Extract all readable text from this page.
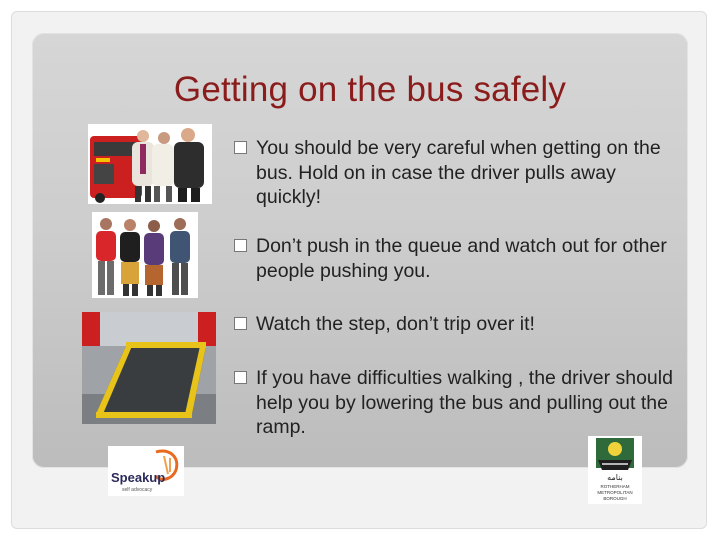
Getting on the bus safely
You should be very careful when getting on the bus. Hold on in case the driver pulls away quickly!
Don’t push in the queue and watch out for other people pushing you.
Watch the step, don’t trip over it!
If you have difficulties walking , the driver should help you by lowering the bus and pulling out the ramp.
Speakup
self advocacy
ﺑﻨﺎﻣﻪ
ROTHERHAM
METROPOLITAN
BOROUGH
